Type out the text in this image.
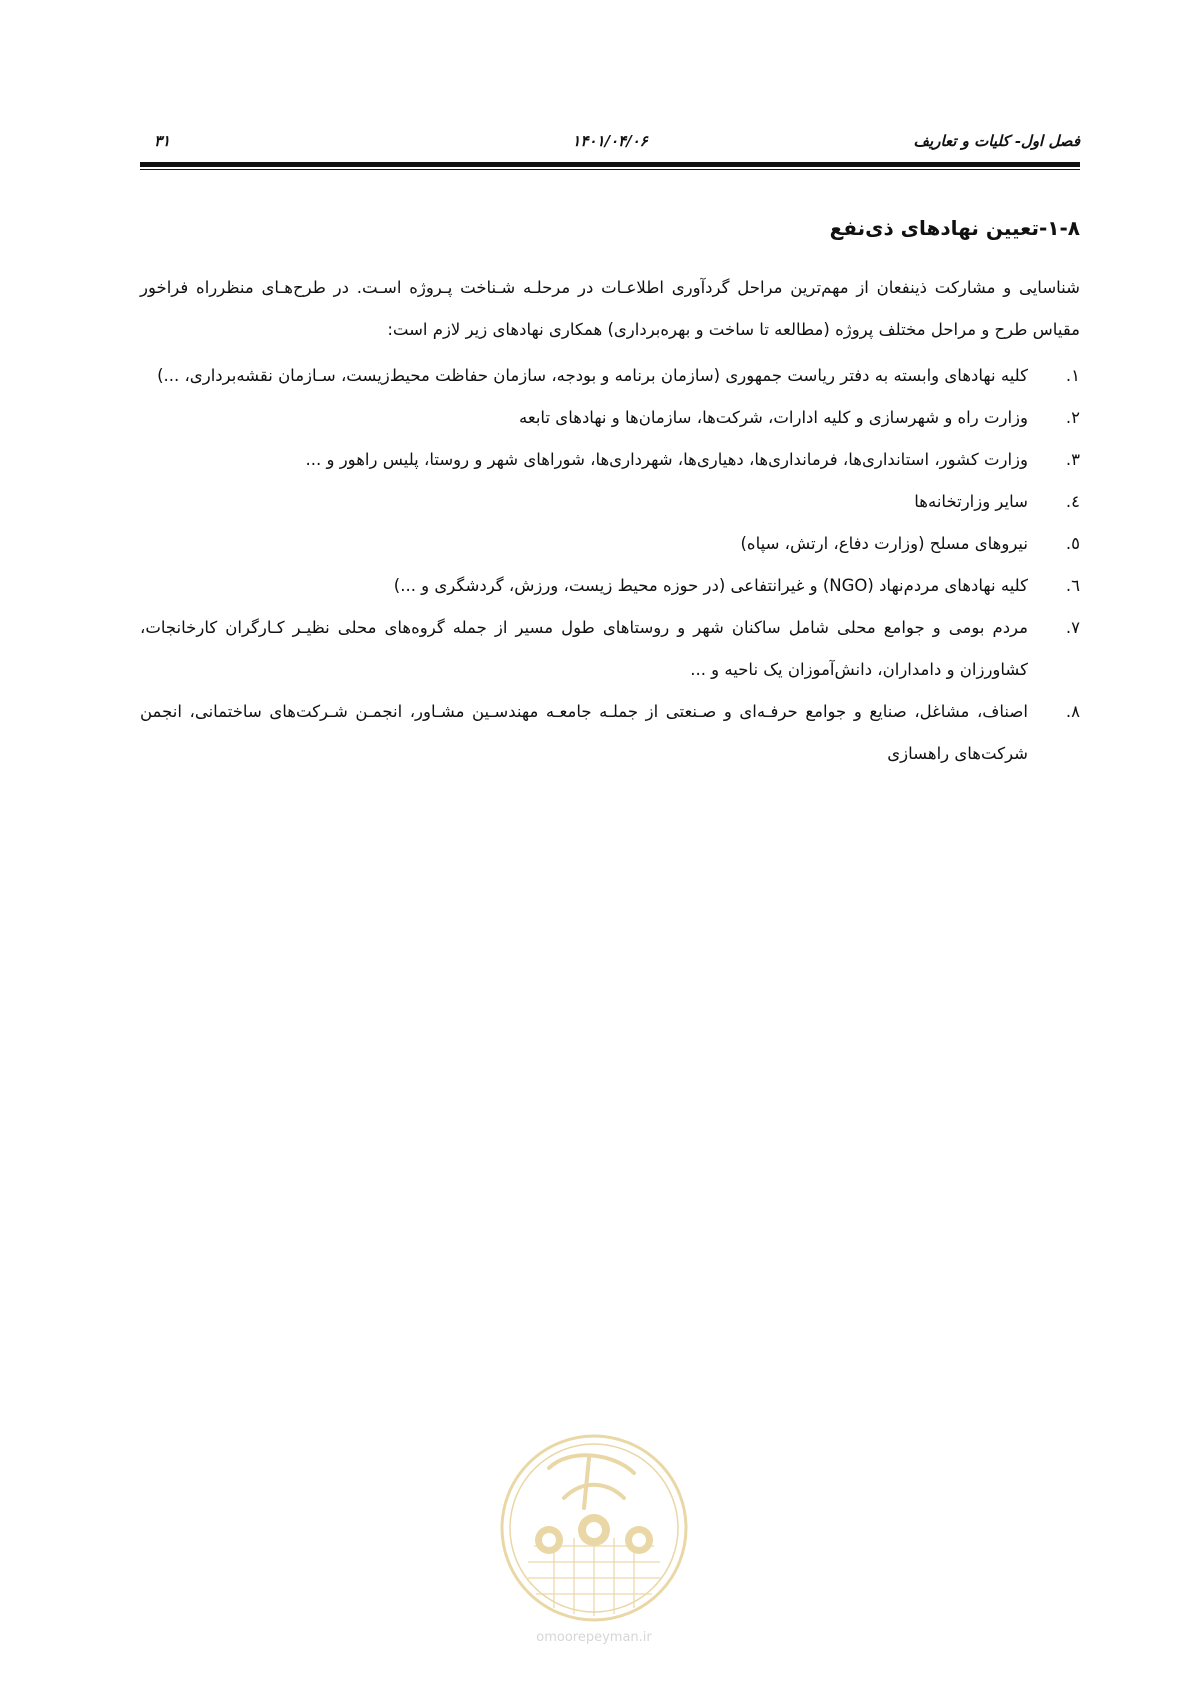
فصل اول- کلیات و تعاریف
۱۴۰۱/۰۴/۰۶
۳۱
۱-۸-تعیین نهادهای ذی‌نفع

شناسایی و مشارکت ذینفعان از مهم‌ترین مراحل گردآوری اطلاعـات در مرحلـه شـناخت پـروژه اسـت. در طرح‌هـای منظرراه فراخور مقیاس طرح و مراحل مختلف پروژه (مطالعه تا ساخت و بهره‌برداری) همکاری نهادهای زیر لازم است:

۱.
کلیه نهادهای وابسته به دفتر ریاست جمهوری (سازمان برنامه و بودجه، سازمان حفاظت محیط‌زیست، سـازمان نقشه‌برداری، ...)
۲.
وزارت راه و شهرسازی و کلیه ادارات، شرکت‌ها، سازمان‌ها و نهادهای تابعه
۳.
وزارت کشور، استانداری‌ها، فرمانداری‌ها، دهیاری‌ها، شهرداری‌ها، شوراهای شهر و روستا، پلیس راهور و ...
٤.
سایر وزارتخانه‌ها
٥.
نیروهای مسلح (وزارت دفاع، ارتش، سپاه)
٦.
کلیه نهادهای مردم‌نهاد (NGO) و غیرانتفاعی (در حوزه محیط زیست، ورزش، گردشگری و ...)
۷.
مردم بومی و جوامع محلی شامل ساکنان شهر و روستاهای طول مسیر از جمله گروه‌های محلی نظیـر کـارگران کارخانجات، کشاورزان و دامداران، دانش‌آموزان یک ناحیه و ...
۸.
اصناف، مشاغل، صنایع و جوامع حرفـه‌ای و صـنعتی از جملـه جامعـه مهندسـین مشـاور، انجمـن شـرکت‌های ساختمانی، انجمن شرکت‌های راهسازی
omoorepeyman.ir
